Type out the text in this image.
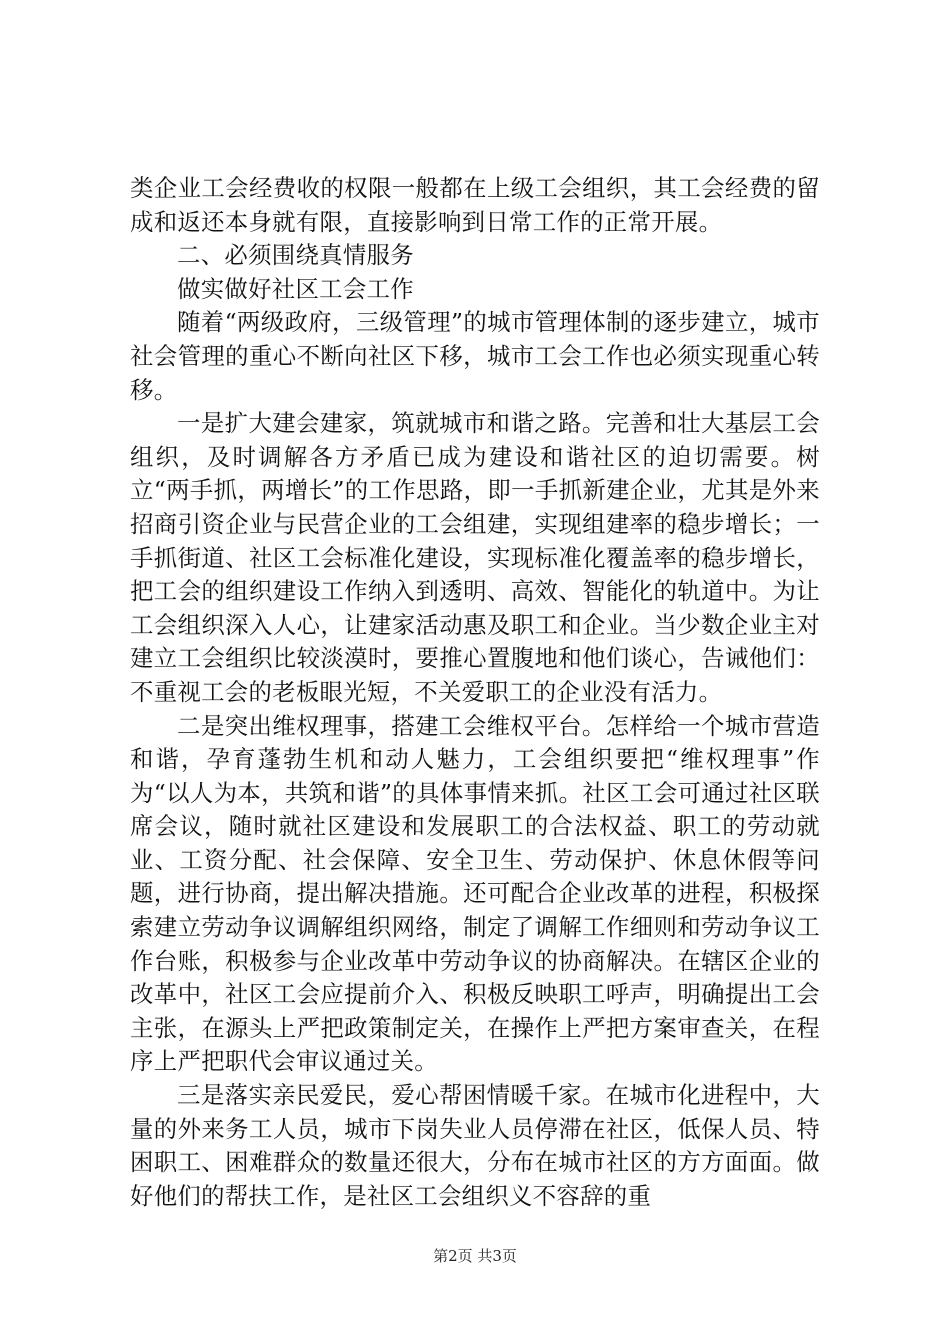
类企业工会经费收的权限一般都在上级工会组织，其工会经费的留成和返还本身就有限，直接影响到日常工作的正常开展。

二、必须围绕真情服务

做实做好社区工会工作

随着“两级政府，三级管理”的城市管理体制的逐步建立，城市社会管理的重心不断向社区下移，城市工会工作也必须实现重心转移。

一是扩大建会建家，筑就城市和谐之路。完善和壮大基层工会组织，及时调解各方矛盾已成为建设和谐社区的迫切需要。树立“两手抓，两增长”的工作思路，即一手抓新建企业，尤其是外来招商引资企业与民营企业的工会组建，实现组建率的稳步增长；一手抓街道、社区工会标准化建设，实现标准化覆盖率的稳步增长，把工会的组织建设工作纳入到透明、高效、智能化的轨道中。为让工会组织深入人心，让建家活动惠及职工和企业。当少数企业主对建立工会组织比较淡漠时，要推心置腹地和他们谈心，告诫他们：不重视工会的老板眼光短，不关爱职工的企业没有活力。

二是突出维权理事，搭建工会维权平台。怎样给一个城市营造和谐，孕育蓬勃生机和动人魅力，工会组织要把“维权理事”作为“以人为本，共筑和谐”的具体事情来抓。社区工会可通过社区联席会议，随时就社区建设和发展职工的合法权益、职工的劳动就业、工资分配、社会保障、安全卫生、劳动保护、休息休假等问题，进行协商，提出解决措施。还可配合企业改革的进程，积极探索建立劳动争议调解组织网络，制定了调解工作细则和劳动争议工作台账，积极参与企业改革中劳动争议的协商解决。在辖区企业的改革中，社区工会应提前介入、积极反映职工呼声，明确提出工会主张，在源头上严把政策制定关，在操作上严把方案审查关，在程序上严把职代会审议通过关。

三是落实亲民爱民，爱心帮困情暖千家。在城市化进程中，大量的外来务工人员，城市下岗失业人员停滞在社区，低保人员、特困职工、困难群众的数量还很大，分布在城市社区的方方面面。做好他们的帮扶工作，是社区工会组织义不容辞的重

第2页 共3页
